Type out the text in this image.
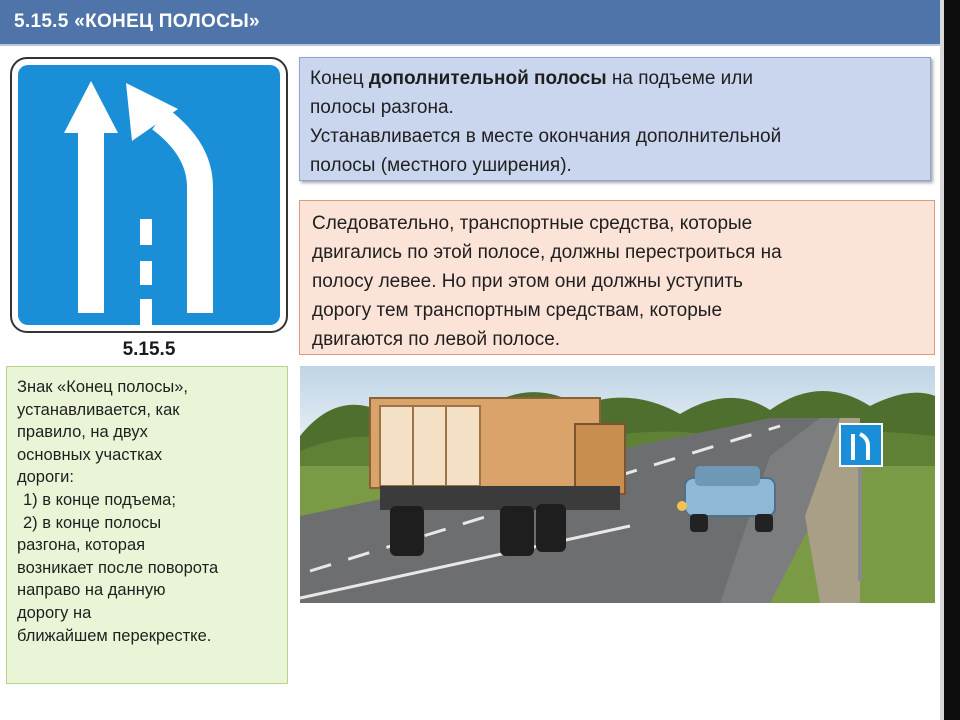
5.15.5 «КОНЕЦ ПОЛОСЫ»
5.15.5
Конец дополнительной полосы на подъеме или
полосы разгона.
Устанавливается в месте окончания дополнительной
полосы (местного уширения).
Следовательно, транспортные средства, которые
двигались по этой полосе, должны перестроиться на
полосу левее. Но при этом они должны уступить
дорогу тем транспортным средствам, которые
двигаются по левой полосе.
Знак «Конец полосы»,
устанавливается, как
правило, на двух
основных участках
дороги:
1) в конце подъема;
2) в конце полосы
разгона, которая
возникает после поворота
направо на данную
дорогу на
ближайшем перекрестке.
